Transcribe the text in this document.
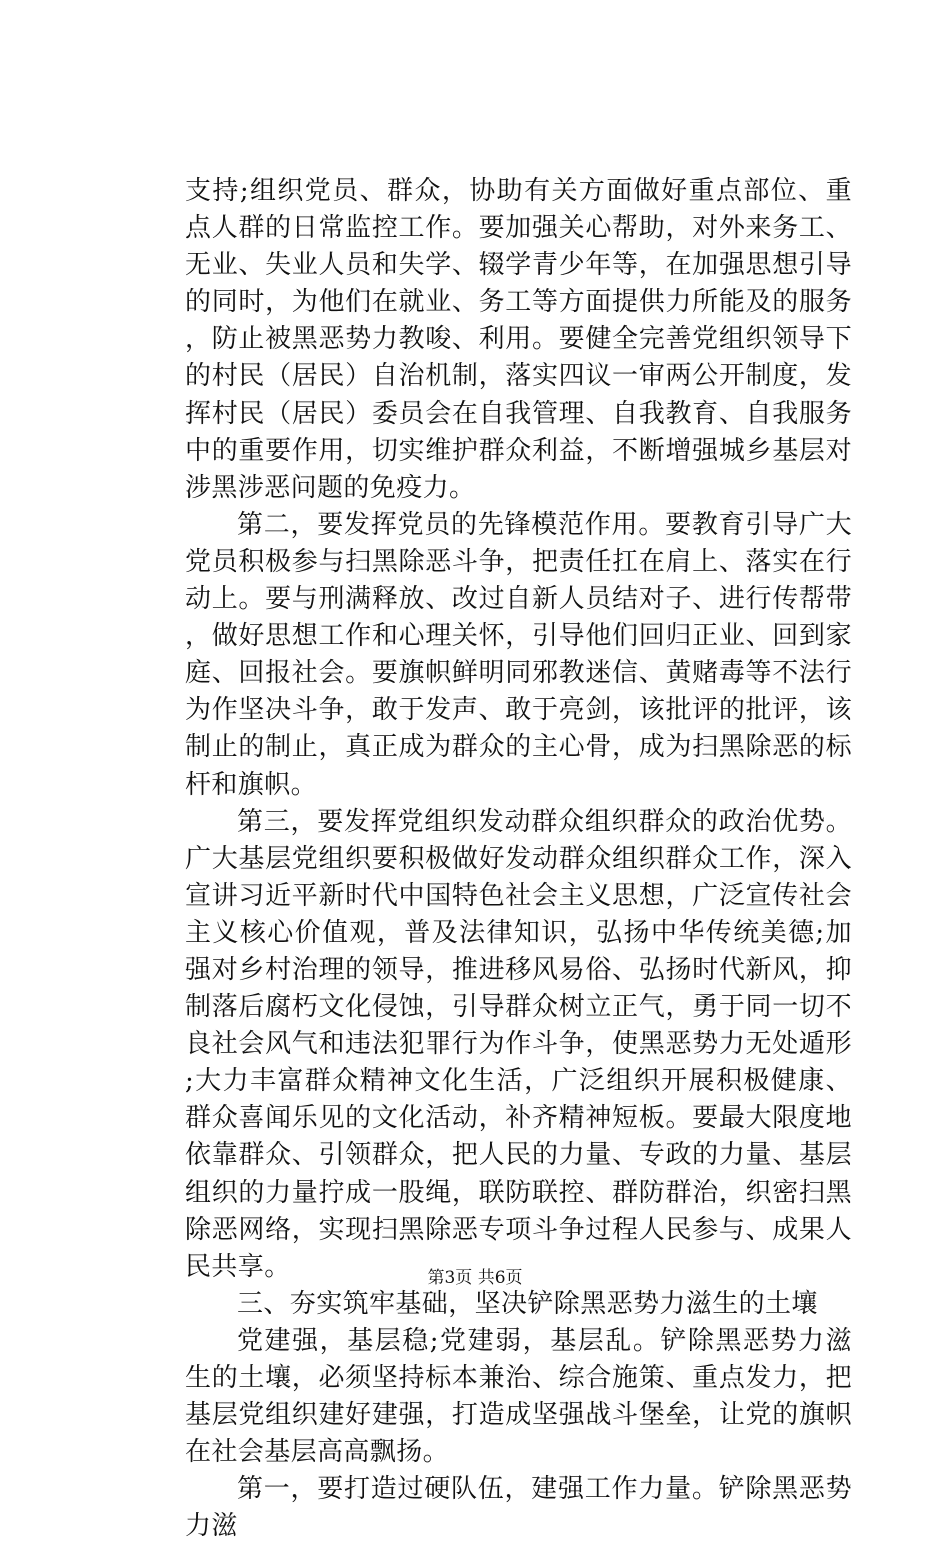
支持;组织党员、群众，协助有关方面做好重点部位、重点人群的日常监控工作。要加强关心帮助，对外来务工、无业、失业人员和失学、辍学青少年等，在加强思想引导的同时，为他们在就业、务工等方面提供力所能及的服务，防止被黑恶势力教唆、利用。要健全完善党组织领导下的村民（居民）自治机制，落实四议一审两公开制度，发挥村民（居民）委员会在自我管理、自我教育、自我服务中的重要作用，切实维护群众利益，不断增强城乡基层对涉黑涉恶问题的免疫力。

第二，要发挥党员的先锋模范作用。要教育引导广大党员积极参与扫黑除恶斗争，把责任扛在肩上、落实在行动上。要与刑满释放、改过自新人员结对子、进行传帮带，做好思想工作和心理关怀，引导他们回归正业、回到家庭、回报社会。要旗帜鲜明同邪教迷信、黄赌毒等不法行为作坚决斗争，敢于发声、敢于亮剑，该批评的批评，该制止的制止，真正成为群众的主心骨，成为扫黑除恶的标杆和旗帜。

第三，要发挥党组织发动群众组织群众的政治优势。广大基层党组织要积极做好发动群众组织群众工作，深入宣讲习近平新时代中国特色社会主义思想，广泛宣传社会主义核心价值观，普及法律知识，弘扬中华传统美德;加强对乡村治理的领导，推进移风易俗、弘扬时代新风，抑制落后腐朽文化侵蚀，引导群众树立正气，勇于同一切不良社会风气和违法犯罪行为作斗争，使黑恶势力无处遁形;大力丰富群众精神文化生活，广泛组织开展积极健康、群众喜闻乐见的文化活动，补齐精神短板。要最大限度地依靠群众、引领群众，把人民的力量、专政的力量、基层组织的力量拧成一股绳，联防联控、群防群治，织密扫黑除恶网络，实现扫黑除恶专项斗争过程人民参与、成果人民共享。

三、夯实筑牢基础，坚决铲除黑恶势力滋生的土壤

党建强，基层稳;党建弱，基层乱。铲除黑恶势力滋生的土壤，必须坚持标本兼治、综合施策、重点发力，把基层党组织建好建强，打造成坚强战斗堡垒，让党的旗帜在社会基层高高飘扬。

第一，要打造过硬队伍，建强工作力量。铲除黑恶势力滋

第3页 共6页
